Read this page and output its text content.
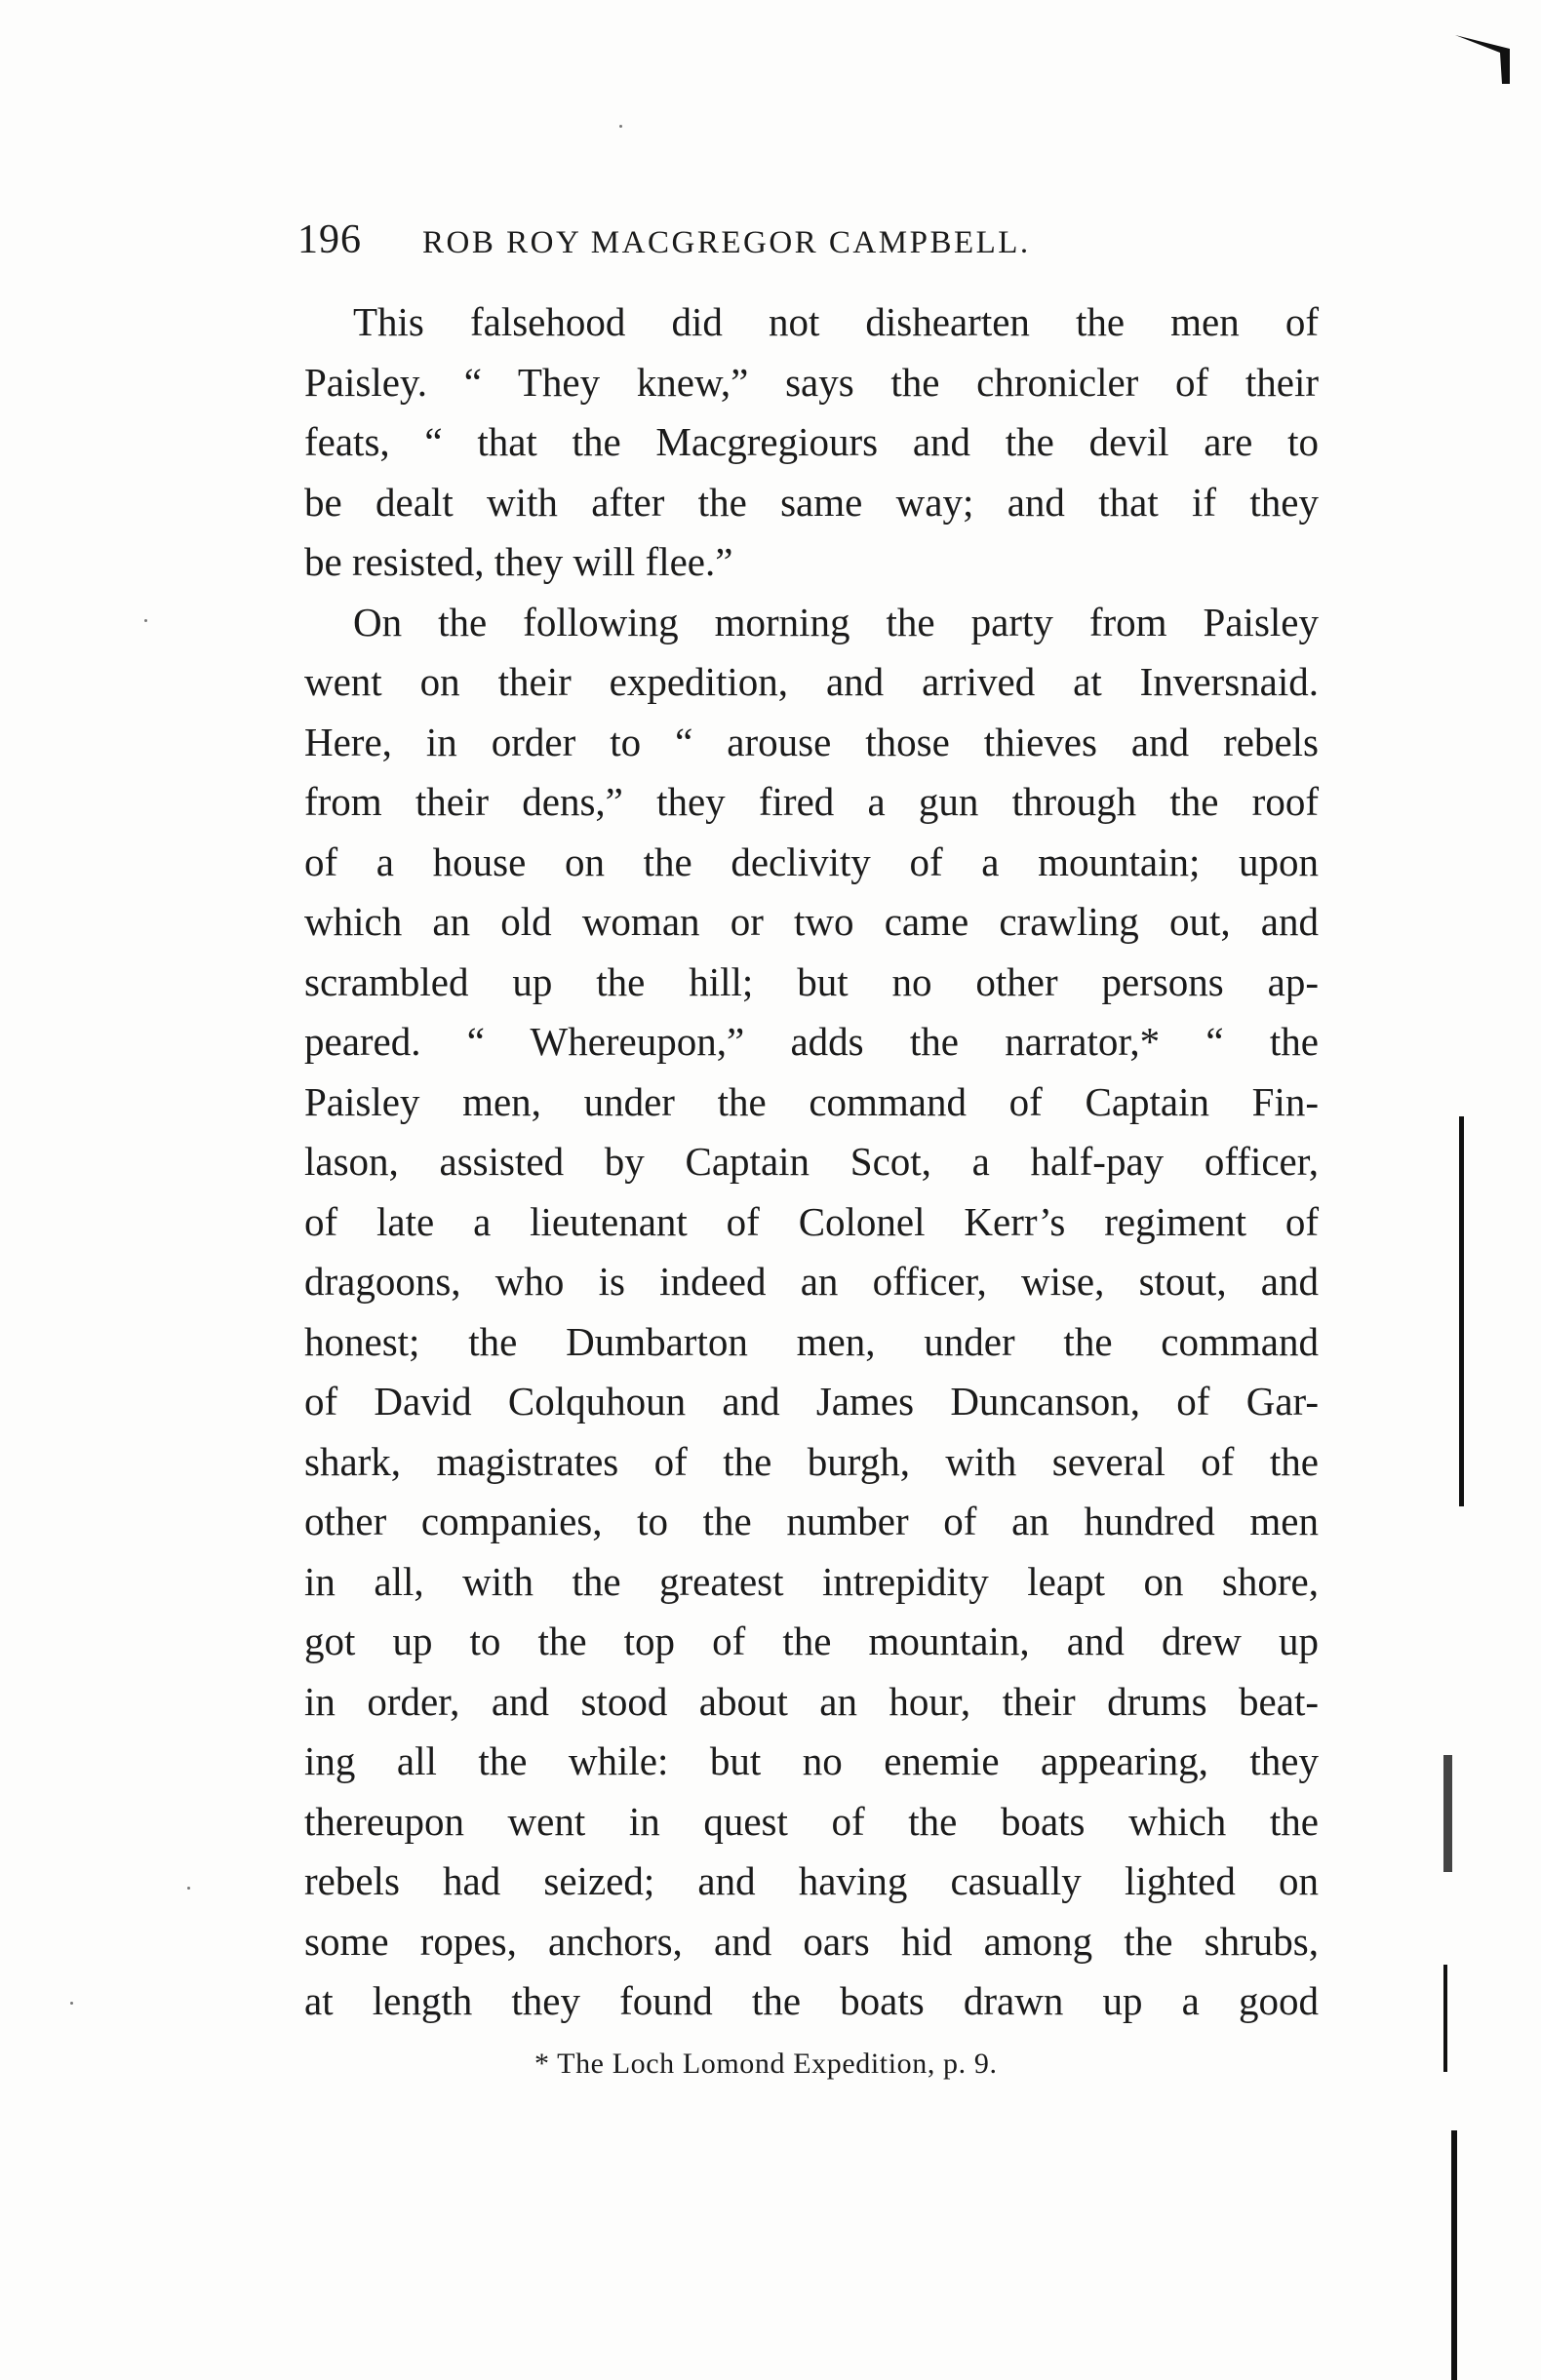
196 ROB ROY MACGREGOR CAMPBELL.
This falsehood did not dishearten the men of
Paisley. “ They knew,” says the chronicler of their
feats, “ that the Macgregiours and the devil are to
be dealt with after the same way; and that if they
be resisted, they will flee.”
On the following morning the party from Paisley
went on their expedition, and arrived at Inversnaid.
Here, in order to “ arouse those thieves and rebels
from their dens,” they fired a gun through the roof
of a house on the declivity of a mountain; upon
which an old woman or two came crawling out, and
scrambled up the hill; but no other persons ap-
peared. “ Whereupon,” adds the narrator,* “ the
Paisley men, under the command of Captain Fin-
lason, assisted by Captain Scot, a half-pay officer,
of late a lieutenant of Colonel Kerr’s regiment of
dragoons, who is indeed an officer, wise, stout, and
honest; the Dumbarton men, under the command
of David Colquhoun and James Duncanson, of Gar-
shark, magistrates of the burgh, with several of the
other companies, to the number of an hundred men
in all, with the greatest intrepidity leapt on shore,
got up to the top of the mountain, and drew up
in order, and stood about an hour, their drums beat-
ing all the while: but no enemie appearing, they
thereupon went in quest of the boats which the
rebels had seized; and having casually lighted on
some ropes, anchors, and oars hid among the shrubs,
at length they found the boats drawn up a good
* The Loch Lomond Expedition, p. 9.
